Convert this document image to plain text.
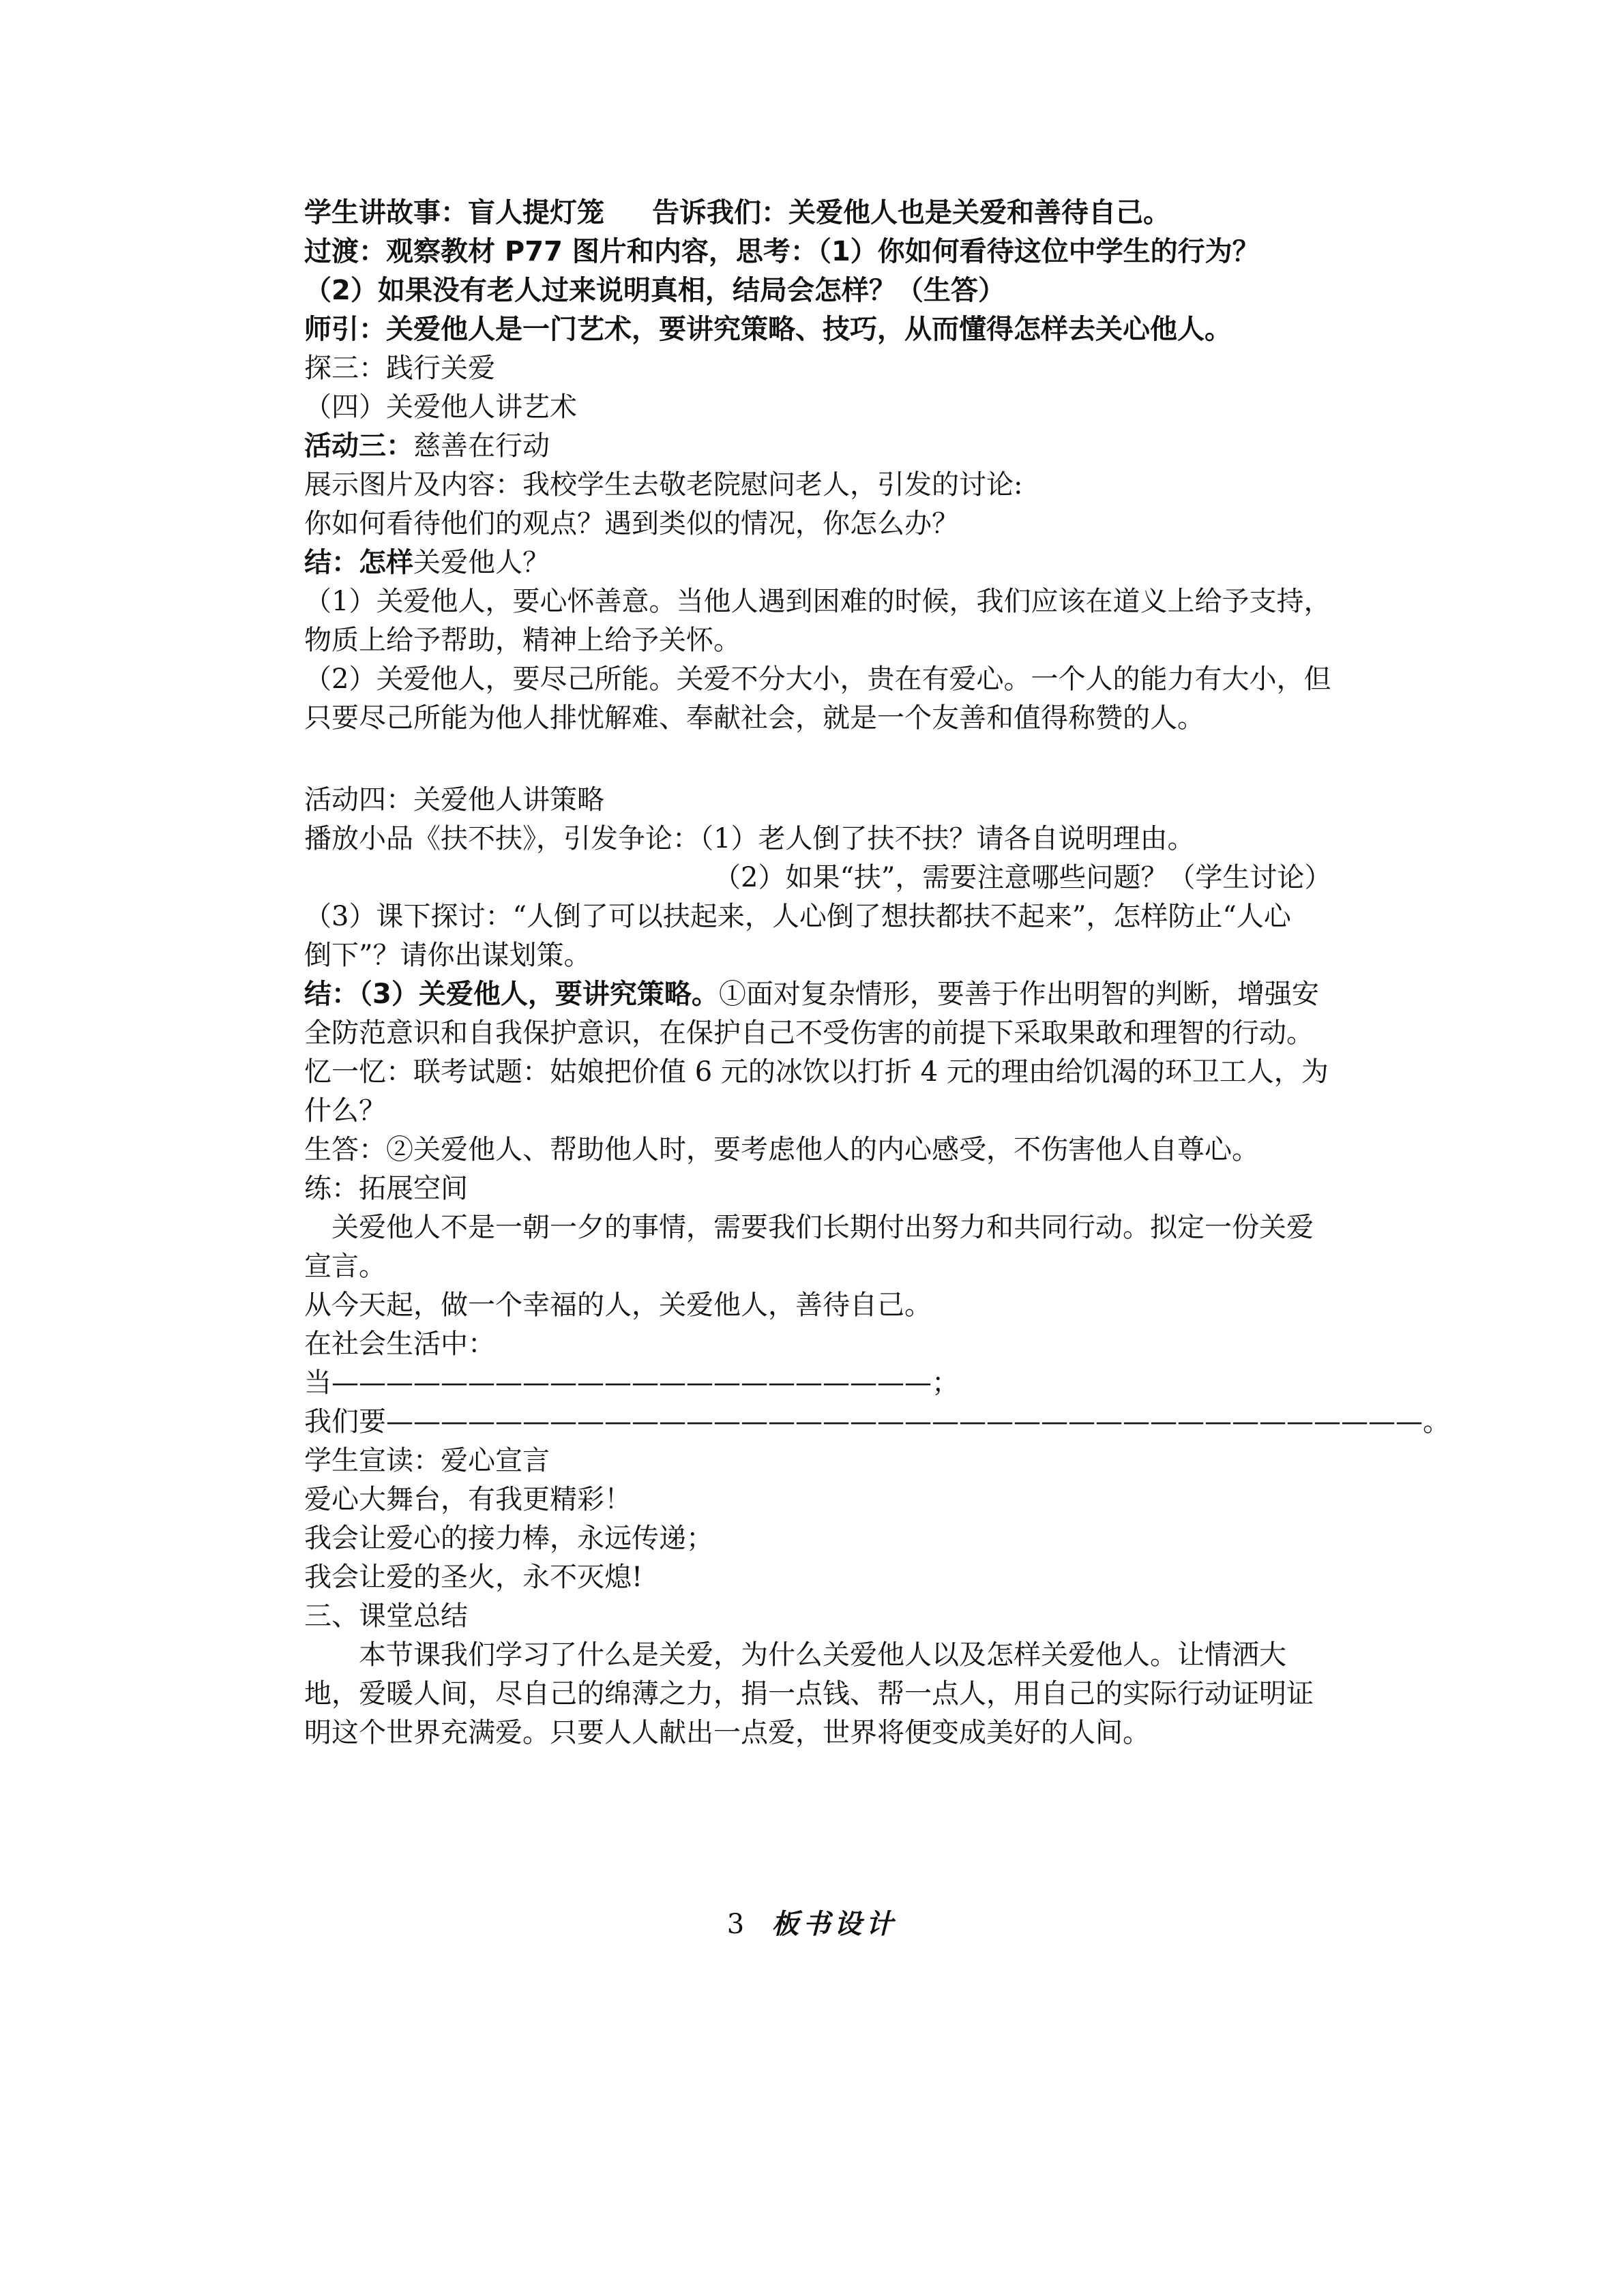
学生讲故事：盲人提灯笼 告诉我们：关爱他人也是关爱和善待自己。
过渡：观察教材 P77 图片和内容，思考：（1）你如何看待这位中学生的行为？
（2）如果没有老人过来说明真相，结局会怎样？（生答）
师引：关爱他人是一门艺术，要讲究策略、技巧，从而懂得怎样去关心他人。
探三：践行关爱
（四）关爱他人讲艺术
活动三：慈善在行动
展示图片及内容：我校学生去敬老院慰问老人，引发的讨论:
你如何看待他们的观点？遇到类似的情况，你怎么办？
结：怎样关爱他人？
（1）关爱他人，要心怀善意。当他人遇到困难的时候，我们应该在道义上给予支持，
物质上给予帮助，精神上给予关怀。
（2）关爱他人，要尽己所能。关爱不分大小，贵在有爱心。一个人的能力有大小，但
只要尽己所能为他人排忧解难、奉献社会，就是一个友善和值得称赞的人。
活动四：关爱他人讲策略
播放小品《扶不扶》，引发争论：（1）老人倒了扶不扶？请各自说明理由。
（2）如果“扶”，需要注意哪些问题？（学生讨论）
（3）课下探讨：“人倒了可以扶起来，人心倒了想扶都扶不起来”，怎样防止“人心
倒下”？请你出谋划策。
结：（3）关爱他人，要讲究策略。①面对复杂情形，要善于作出明智的判断，增强安
全防范意识和自我保护意识，在保护自己不受伤害的前提下采取果敢和理智的行动。
忆一忆：联考试题：姑娘把价值 6 元的冰饮以打折 4 元的理由给饥渴的环卫工人，为
什么？
生答：②关爱他人、帮助他人时，要考虑他人的内心感受，不伤害他人自尊心。
练：拓展空间
关爱他人不是一朝一夕的事情，需要我们长期付出努力和共同行动。拟定一份关爱
宣言。
从今天起，做一个幸福的人，关爱他人，善待自己。
在社会生活中：
当——————————————————————；
我们要——————————————————————————————————————。
学生宣读：爱心宣言
爱心大舞台，有我更精彩！
我会让爱心的接力棒，永远传递；
我会让爱的圣火，永不灭熄!
三、课堂总结
本节课我们学习了什么是关爱，为什么关爱他人以及怎样关爱他人。让情洒大
地，爱暖人间，尽自己的绵薄之力，捐一点钱、帮一点人，用自己的实际行动证明证
明这个世界充满爱。只要人人献出一点爱，世界将便变成美好的人间。
3 板书设计
